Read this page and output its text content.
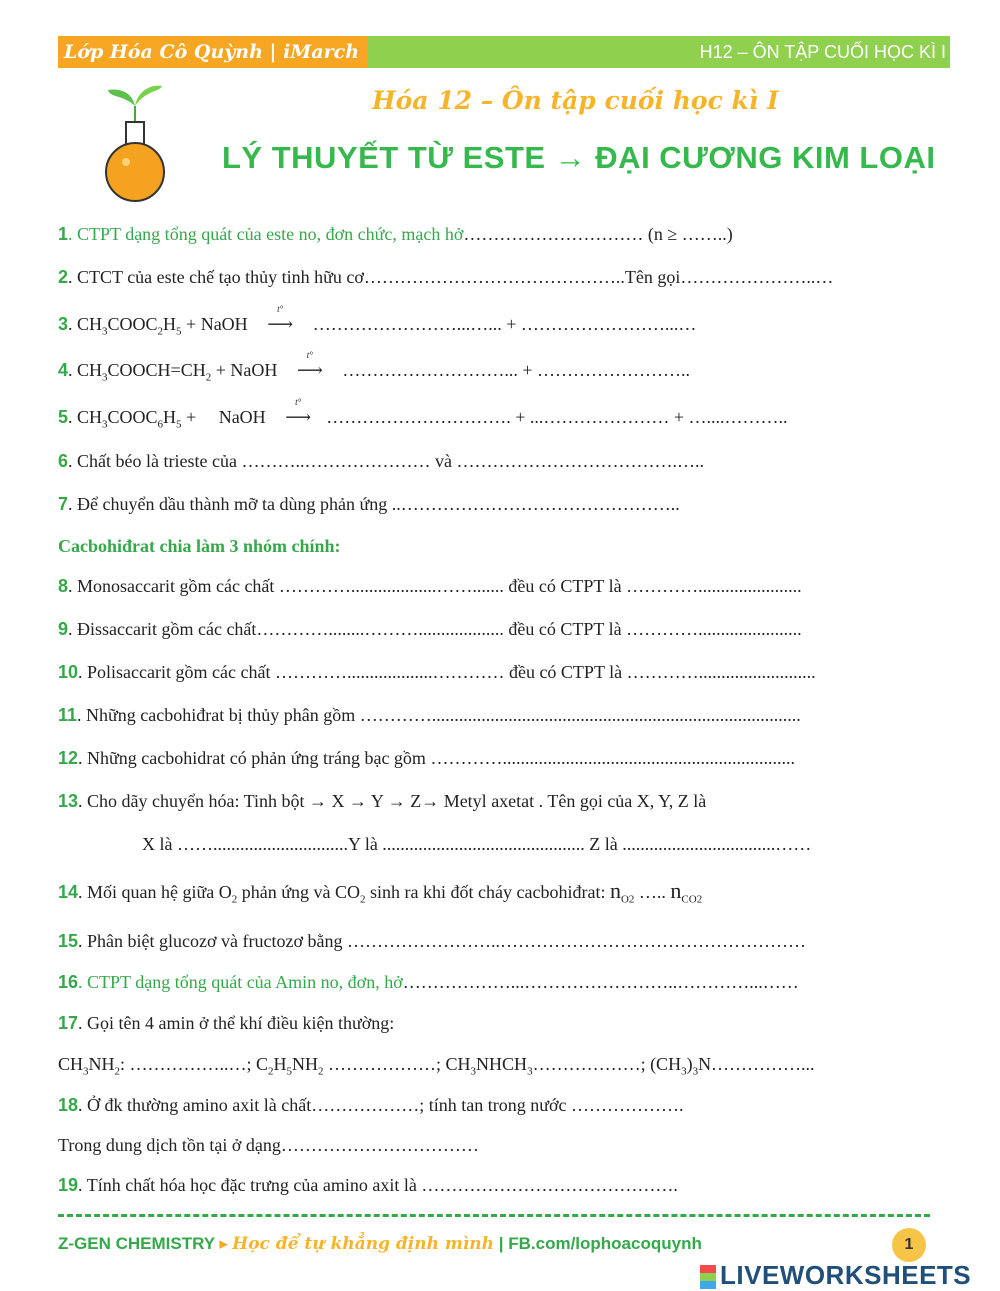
Lớp Hóa Cô Quỳnh | iMarch	H12 – ÔN TẬP CUỐI HỌC KÌ I
Hóa 12 – Ôn tập cuối học kì I
LÝ THUYẾT TỪ ESTE → ĐẠI CƯƠNG KIM LOẠI
1. CTPT dạng tổng quát của este no, đơn chức, mạch hở………………………… (n ≥ ……..)
2. CTCT của este chế tạo thủy tinh hữu cơ……………………………………..Tên gọi…………………..…
3. $CH_3COOC_2H_5$ + NaOH
t°
⟶ ……………………...…... + ……………………...…
4. $CH_3COOCH=CH_2$ + NaOH
t°
⟶ ………………………... + ……………………..
5. $CH_3COOC_6H_5$ +     NaOH
t°
⟶ …………………………. + ...………………… + …....………..
6. Chất béo là trieste của ………..………………… và ……………………………….…..
7. Để chuyển dầu thành mỡ ta dùng phản ứng ..………………………………………..
Cacbohiđrat chia làm 3 nhóm chính:
8. Monosaccarit gồm các chất …………...................……....... đều có CTPT là ………….......................
9. Đissaccarit gồm các chất…………........………................... đều có CTPT là ………….......................
10. Polisaccarit gồm các chất …………...................………… đều có CTPT là …………..........................
11. Những cacbohiđrat bị thủy phân gồm …………..................................................................................
12. Những cacbohidrat có phản ứng tráng bạc gồm ………….................................................................
13. Cho dãy chuyển hóa: Tinh bột → X → Y → Z→ Metyl axetat . Tên gọi của X, Y, Z là
X là ……..............................Y là ............................................. Z là ..................................……
14. Mối quan hệ giữa $O_2$ phản ứng và $CO_2$ sinh ra khi đốt cháy cacbohiđrat: $n_{O2}$ ….. $n_{CO2}$
15. Phân biệt glucozơ và fructozơ bằng ……………………..……………………………………………
16. CTPT dạng tổng quát của Amin no, đơn, hở………………...……………………..…………...……
17. Gọi tên 4 amin ở thể khí điều kiện thường:
$CH_3NH_2$: ……………..…; $C_2H_5NH_2$ ………………; $CH_3NHCH_3\dots\dots\dots\dots\dots\dots$; $(CH_3)_3N\dots\dots\dots\dots\dots$...
18. Ở đk thường amino axit là chất………………; tính tan trong nước ……………….
Trong dung dịch tồn tại ở dạng……………………………
19. Tính chất hóa học đặc trưng của amino axit là …………………………………….
Z-GEN CHEMISTRY ▸ Học để tự khẳng định mình | FB.com/lophoacoquynh	1
LIVEWORKSHEETS
